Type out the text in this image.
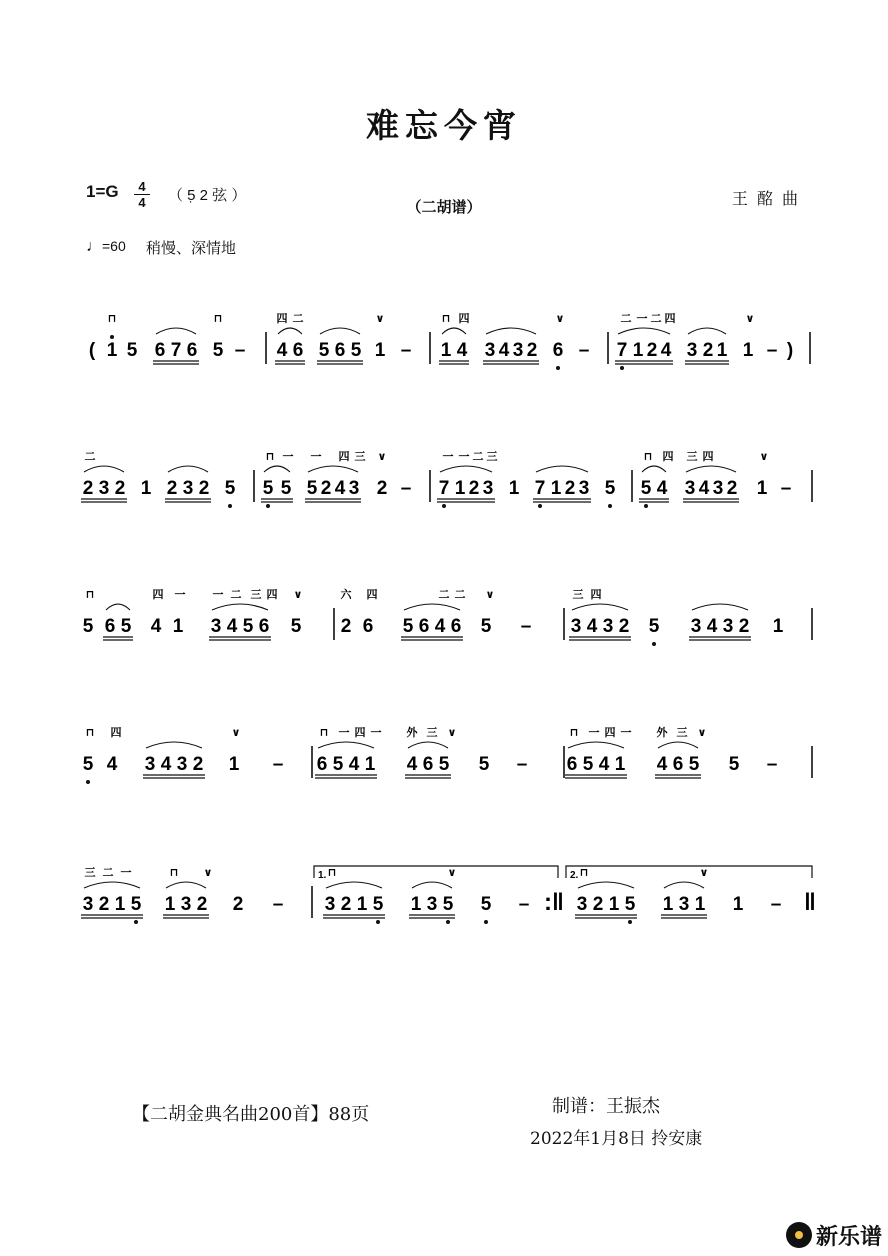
难忘今宵
1=G	4
4 （ 5̣ 2 弦 ）
（二胡谱）	王 酩 曲
♩=60 稍慢、深情地
( 1 5 6 7 6 5 – 4 6 5 6 5 1 – 1 4 3 4 3 2 6 – 7 1 2 4 3 2 1 1 – )
2 3 2 1 2 3 2 5 5 5 5 2 4 3 2 – 7 1 2 3 1 7 1 2 3 5 5 4 3 4 3 2 1 –
5 6 5 4 1 3 4 5 6 5 2 6 5 6 4 6 5 – 3 4 3 2 5 3 4 3 2 1
5 4 3 4 3 2 1 – 6 5 4 1 4 6 5 5 – 6 5 4 1 4 6 5 5 –
3 2 1 5 1 3 2 2 – 3 2 1 5 1 3 5 5 – :‖ 3 2 1 5 1 3 1 1 – ‖
⊓	⊓	四 二	∨	⊓ 四	∨	二 一 二 四	∨
二	⊓ 一 一 四 三 ∨	一 一 二 三	⊓ 四 三 四	∨
⊓	四 一 一 二 三 四 ∨	六 四	二 二 ∨	三 四
⊓ 四	∨	⊓ 一 四 一 外 三 ∨	⊓ 一 四 一 外 三 ∨
三 二 一	⊓ ∨	⊓	∨	⊓	∨
1.	2.
【二胡金典名曲200首】88页	制谱：王振杰
2022年1月8日 拎安康
新乐谱
